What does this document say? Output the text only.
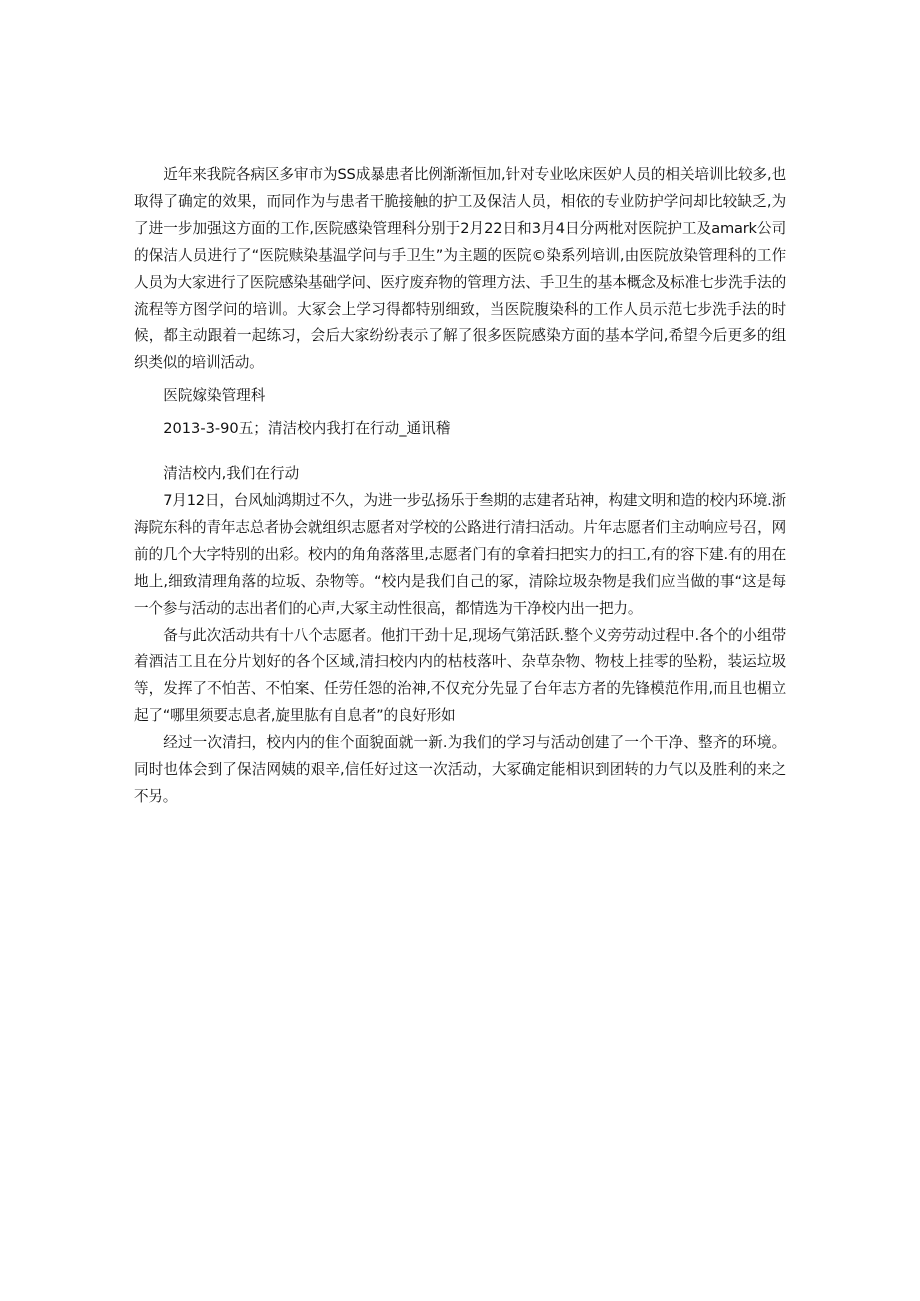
近年来我院各病区多审市为SS成暴患者比例渐渐恒加,针对专业吆床医妒人员的相关培训比较多,也取得了确定的效果，而同作为与患者干脆接触的护工及保洁人员，相依的专业防护学问却比较缺乏,为了进一步加强这方面的工作,医院感染管理科分别于2月22日和3月4日分两枇对医院护工及amark公司的保洁人员进行了“医院赎染基温学问与手卫生”为主题的医院©染系列培训,由医院放染管理科的工作人员为大家进行了医院感染基础学问、医疗废弃物的管理方法、手卫生的基本概念及标准七步洗手法的流程等方图学问的培训。大冢会上学习得都特别细致，当医院腹染科的工作人员示范七步洗手法的时候，都主动跟着一起练习，会后大家纷纷表示了解了很多医院感染方面的基本学问,希望今后更多的组织类似的培训活动。

医院嫁染管理科

2013-3-90五；清洁校内我打在行动_通讯稽

清洁校内,我们在行动

7月12日，台风灿鸿期过不久，为进一步弘扬乐于叁期的志建者玷神，构建文明和造的校内环境.浙海院东科的青年志总者协会就组织志愿者对学校的公路进行清扫活动。片年志愿者们主动响应号召，网前的几个大字特别的出彩。校内的角角落落里,志愿者门有的拿着扫把实力的扫工,有的容下建.有的用在地上,细致清理角落的垃坂、杂物等。“校内是我们自己的冢，清除垃圾杂物是我们应当做的事“这是每一个参与活动的志出者们的心声,大冢主动性很高，都情选为干净校内出一把力。

备与此次活动共有十八个志愿者。他扪干劲十足,现场气第活跃.整个义旁劳动过程中.各个的小组带着酒洁工且在分片划好的各个区域,清扫校内内的枯枝落叶、杂草杂物、物枝上挂零的坠粉，装运垃圾等，发挥了不怕苦、不怕案、任劳任怨的治神,不仅充分先显了台年志方者的先锋模范作用,而且也楣立起了“哪里须要志息者,旋里肱有自息者”的良好形如

经过一次清扫，校内内的隹个面貌面就一新.为我们的学习与活动创建了一个干净、整齐的环境。同时也体会到了保洁网姨的艰辛,信任好过这一次活动，大冢确定能相识到团转的力气以及胜利的来之不另。
